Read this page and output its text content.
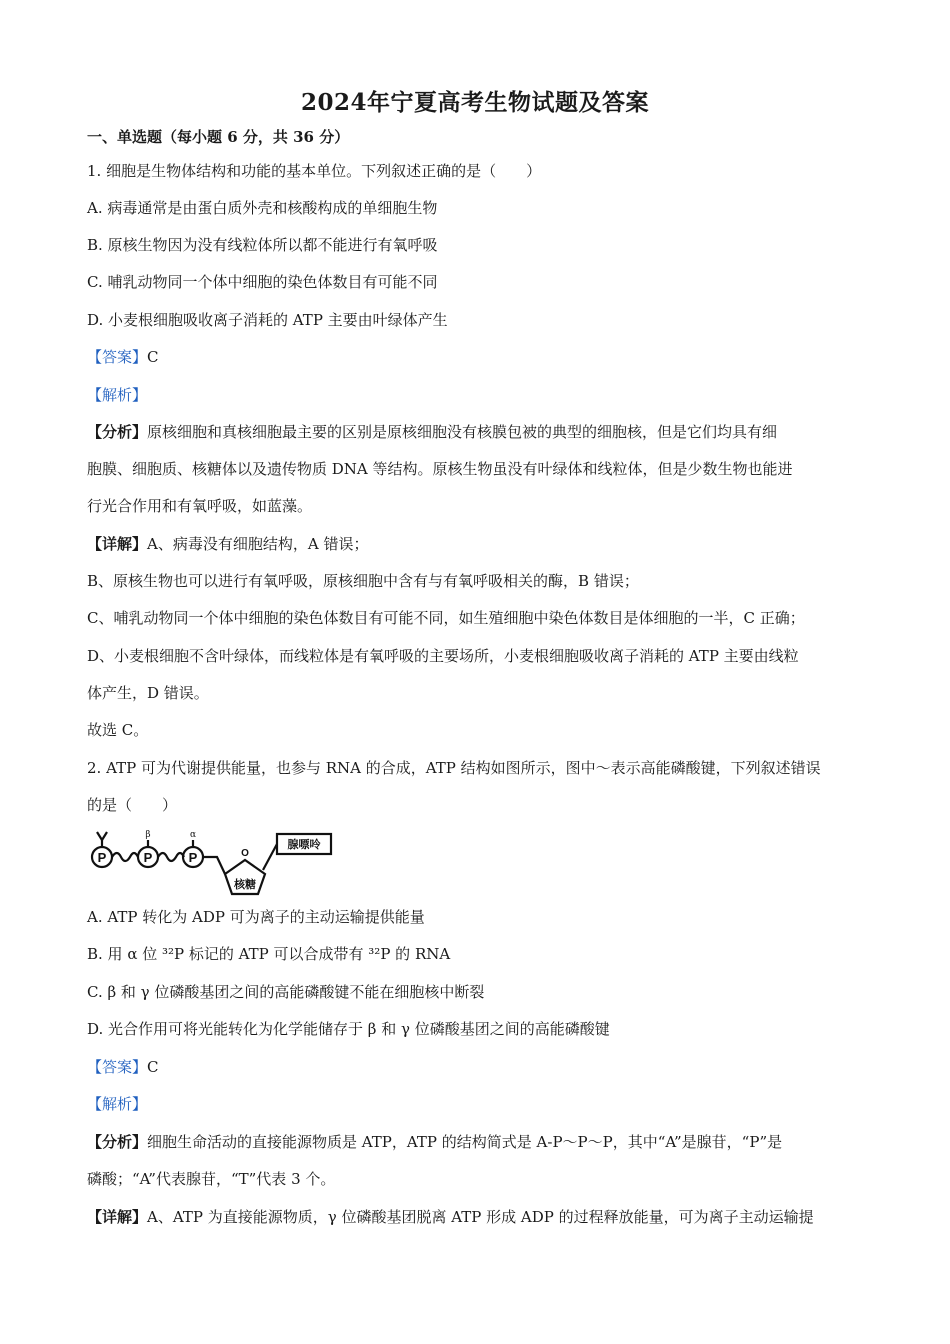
2024年宁夏高考生物试题及答案
一、单选题（每小题 6 分，共 36 分）
1. 细胞是生物体结构和功能的基本单位。下列叙述正确的是（　　）
A. 病毒通常是由蛋白质外壳和核酸构成的单细胞生物
B. 原核生物因为没有线粒体所以都不能进行有氧呼吸
C. 哺乳动物同一个体中细胞的染色体数目有可能不同
D. 小麦根细胞吸收离子消耗的 ATP 主要由叶绿体产生
【答案】C
【解析】
【分析】原核细胞和真核细胞最主要的区别是原核细胞没有核膜包被的典型的细胞核，但是它们均具有细
胞膜、细胞质、核糖体以及遗传物质 DNA 等结构。原核生物虽没有叶绿体和线粒体，但是少数生物也能进
行光合作用和有氧呼吸，如蓝藻。
【详解】A、病毒没有细胞结构，A 错误；
B、原核生物也可以进行有氧呼吸，原核细胞中含有与有氧呼吸相关的酶，B 错误；
C、哺乳动物同一个体中细胞的染色体数目有可能不同，如生殖细胞中染色体数目是体细胞的一半，C 正确；
D、小麦根细胞不含叶绿体，而线粒体是有氧呼吸的主要场所，小麦根细胞吸收离子消耗的 ATP 主要由线粒
体产生，D 错误。
故选 C。
2. ATP 可为代谢提供能量，也参与 RNA 的合成，ATP 结构如图所示，图中～表示高能磷酸键，下列叙述错误
的是（　　）
P	P	P
β	α
O
核糖
腺嘌呤
A. ATP 转化为 ADP 可为离子的主动运输提供能量
B. 用 α 位 ³²P 标记的 ATP 可以合成带有 ³²P 的 RNA
C. β 和 γ 位磷酸基团之间的高能磷酸键不能在细胞核中断裂
D. 光合作用可将光能转化为化学能储存于 β 和 γ 位磷酸基团之间的高能磷酸键
【答案】C
【解析】
【分析】细胞生命活动的直接能源物质是 ATP，ATP 的结构简式是 A-P～P～P，其中“A”是腺苷，“P”是
磷酸；“A”代表腺苷，“T”代表 3 个。
【详解】A、ATP 为直接能源物质，γ 位磷酸基团脱离 ATP 形成 ADP 的过程释放能量，可为离子主动运输提
